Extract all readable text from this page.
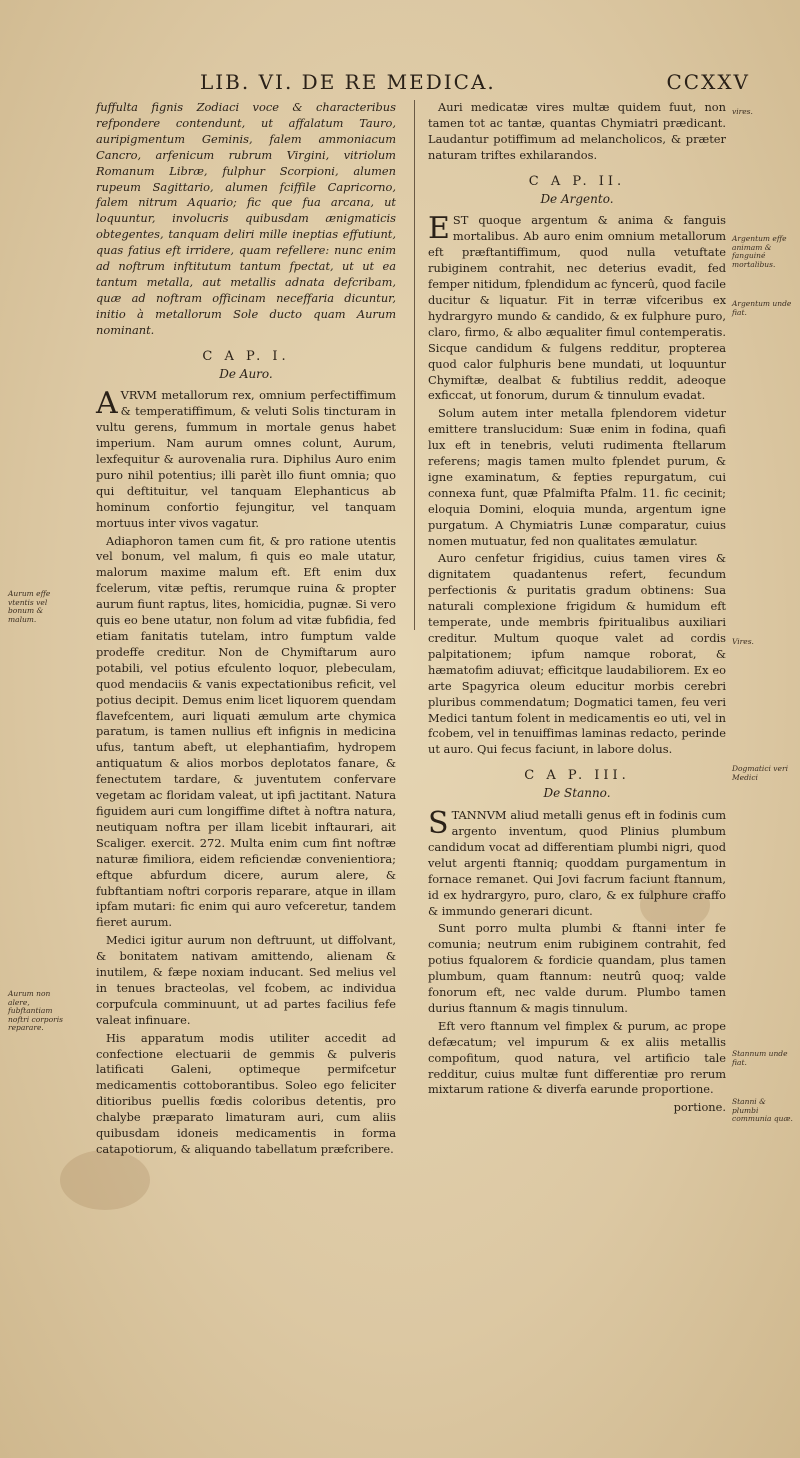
LIB. VI. DE RE MEDICA.	CCXXV

fuffulta fignis Zodiaci voce & characteribus refpondere contendunt, ut affalatum Tauro, auripigmentum Geminis, falem ammoniacum Cancro, arfenicum rubrum Virgini, vitriolum Romanum Libræ, fulphur Scorpioni, alumen rupeum Sagittario, alumen fciffile Capricorno, falem nitrum Aquario; fic que fua arcana, ut loquuntur, involucris quibusdam ænigmaticis obtegentes, tanquam deliri mille ineptias effutiunt, quas fatius eft irridere, quam refellere: nunc enim ad noftrum inftitutum tantum fpectat, ut ut ea tantum metalla, aut metallis adnata defcribam, quæ ad noftram officinam neceffaria dicuntur, initio à metallorum Sole ducto quam Aurum nominant.

C A P. I.
De Auro.

AVRVM metallorum rex, omnium perfectiffimum & temperatiffimum, & veluti Solis tincturam in vultu gerens, fummum in mortale genus habet imperium. Nam aurum omnes colunt, Aurum, lexfequitur & aurovenalia rura. Diphilus Auro enim puro nihil potentius; illi parèt illo fiunt omnia; quo qui deftituitur, vel tanquam Elephanticus ab hominum confortio fejungitur, vel tanquam mortuus inter vivos vagatur.

Adiaphoron tamen cum fit, & pro ratione utentis vel bonum, vel malum, fi quis eo male utatur, malorum maxime malum eft. Eft enim dux fcelerum, vitæ peftis, rerumque ruina & propter aurum fiunt raptus, lites, homicidia, pugnæ. Si vero quis eo bene utatur, non folum ad vitæ fubfidia, fed etiam fanitatis tutelam, intro fumptum valde prodeffe creditur. Non de Chymiftarum auro potabili, vel potius efculento loquor, plebeculam, quod mendaciis & vanis expectationibus reficit, vel potius decipit. Demus enim licet liquorem quendam flavefcentem, auri liquati æmulum arte chymica paratum, is tamen nullius eft infignis in medicina ufus, tantum abeft, ut elephantiafim, hydropem antiquatum & alios morbos deplotatos fanare, & fenectutem tardare, & juventutem confervare vegetam ac floridam valeat, ut ipfi jactitant. Natura figuidem auri cum longiffime diftet à noftra natura, neutiquam noftra per illam licebit inftaurari, ait Scaliger. exercit. 272. Multa enim cum fint noftræ naturæ fimiliora, eidem reficiendæ convenientiora; eftque abfurdum dicere, aurum alere, & fubftantiam noftri corporis reparare, atque in illam ipfam mutari: fic enim qui auro vefceretur, tandem fieret aurum.

Medici igitur aurum non deftruunt, ut diffolvant, & bonitatem nativam amittendo, alienam & inutilem, & fæpe noxiam inducant. Sed melius vel in tenues bracteolas, vel fcobem, ac individua corpufcula comminuunt, ut ad partes facilius fefe valeat infinuare.

His apparatum modis utiliter accedit ad confectione electuarii de gemmis & pulveris latificati Galeni, optimeque permifcetur medicamentis cottoborantibus. Soleo ego feliciter ditioribus puellis fœdis coloribus detentis, pro chalybe præparato limaturam auri, cum aliis quibusdam idoneis medicamentis in forma catapotiorum, & aliquando tabellatum præfcribere.

Auri medicatæ vires multæ quidem fuut, non tamen tot ac tantæ, quantas Chymiatri prædicant. Laudantur potiffimum ad melancholicos, & præter naturam triftes exhilarandos.

C A P. II.
De Argento.

EST quoque argentum & anima & fanguis mortalibus. Ab auro enim omnium metallorum eft præftantiffimum, quod nulla vetuftate rubiginem contrahit, nec deterius evadit, fed femper nitidum, fplendidum ac fyncerû, quod facile ducitur & liquatur. Fit in terræ vifceribus ex hydrargyro mundo & candido, & ex fulphure puro, claro, firmo, & albo æqualiter fimul contemperatis. Sicque candidum & fulgens redditur, propterea quod calor fulphuris bene mundati, ut loquuntur Chymiftæ, dealbat & fubtilius reddit, adeoque exficcat, ut fonorum, durum & tinnulum evadat.

Solum autem inter metalla fplendorem videtur emittere translucidum: Suæ enim in fodina, quafi lux eft in tenebris, veluti rudimenta ftellarum referens; magis tamen multo fplendet purum, & igne examinatum, & fepties repurgatum, cui connexa funt, quæ Pfalmifta Pfalm. 11. fic cecinit; eloquia Domini, eloquia munda, argentum igne purgatum. A Chymiatris Lunæ comparatur, cuius nomen mutuatur, fed non qualitates æmulatur.

Auro cenfetur frigidius, cuius tamen vires & dignitatem quadantenus refert, fecundum perfectionis & puritatis gradum obtinens: Sua naturali complexione frigidum & humidum eft temperate, unde membris fpiritualibus auxiliari creditur. Multum quoque valet ad cordis palpitationem; ipfum namque roborat, & hæmatofim adiuvat; efficitque laudabiliorem. Ex eo arte Spagyrica oleum educitur morbis cerebri pluribus commendatum; Dogmatici tamen, feu veri Medici tantum folent in medicamentis eo uti, vel in fcobem, vel in tenuiffimas laminas redacto, perinde ut auro. Qui fecus faciunt, in labore dolus.

C A P. III.
De Stanno.

STANNVM aliud metalli genus eft in fodinis cum argento inventum, quod Plinius plumbum candidum vocat ad differentiam plumbi nigri, quod velut argenti ftanniq; quoddam purgamentum in fornace remanet. Qui Jovi facrum faciunt ftannum, id ex hydrargyro, puro, claro, & ex fulphure craffo & immundo generari dicunt.

Sunt porro multa plumbi & ftanni inter fe comunia; neutrum enim rubiginem contrahit, fed potius fqualorem & fordicie quandam, plus tamen plumbum, quam ftannum: neutrû quoq; valde fonorum eft, nec valde durum. Plumbo tamen durius ftannum & magis tinnulum.

Eft vero ftannum vel fimplex & purum, ac prope defæcatum; vel impurum & ex aliis metallis compofitum, quod natura, vel artificio tale redditur, cuius multæ funt differentiæ pro rerum mixtarum ratione & diverfa earunde proportione.

portione.
Aurum effe vtentis vel bonum & malum.
Aurum non alere, fubftantiam noftri corporis reparare.
vires.
Argentum effe animam & fanguiné mortalibus.
Argentum unde fiat.
Vires.
Dogmatici veri Medici
Stannum unde fiat.
Stanni & plumbi communia quæ.
